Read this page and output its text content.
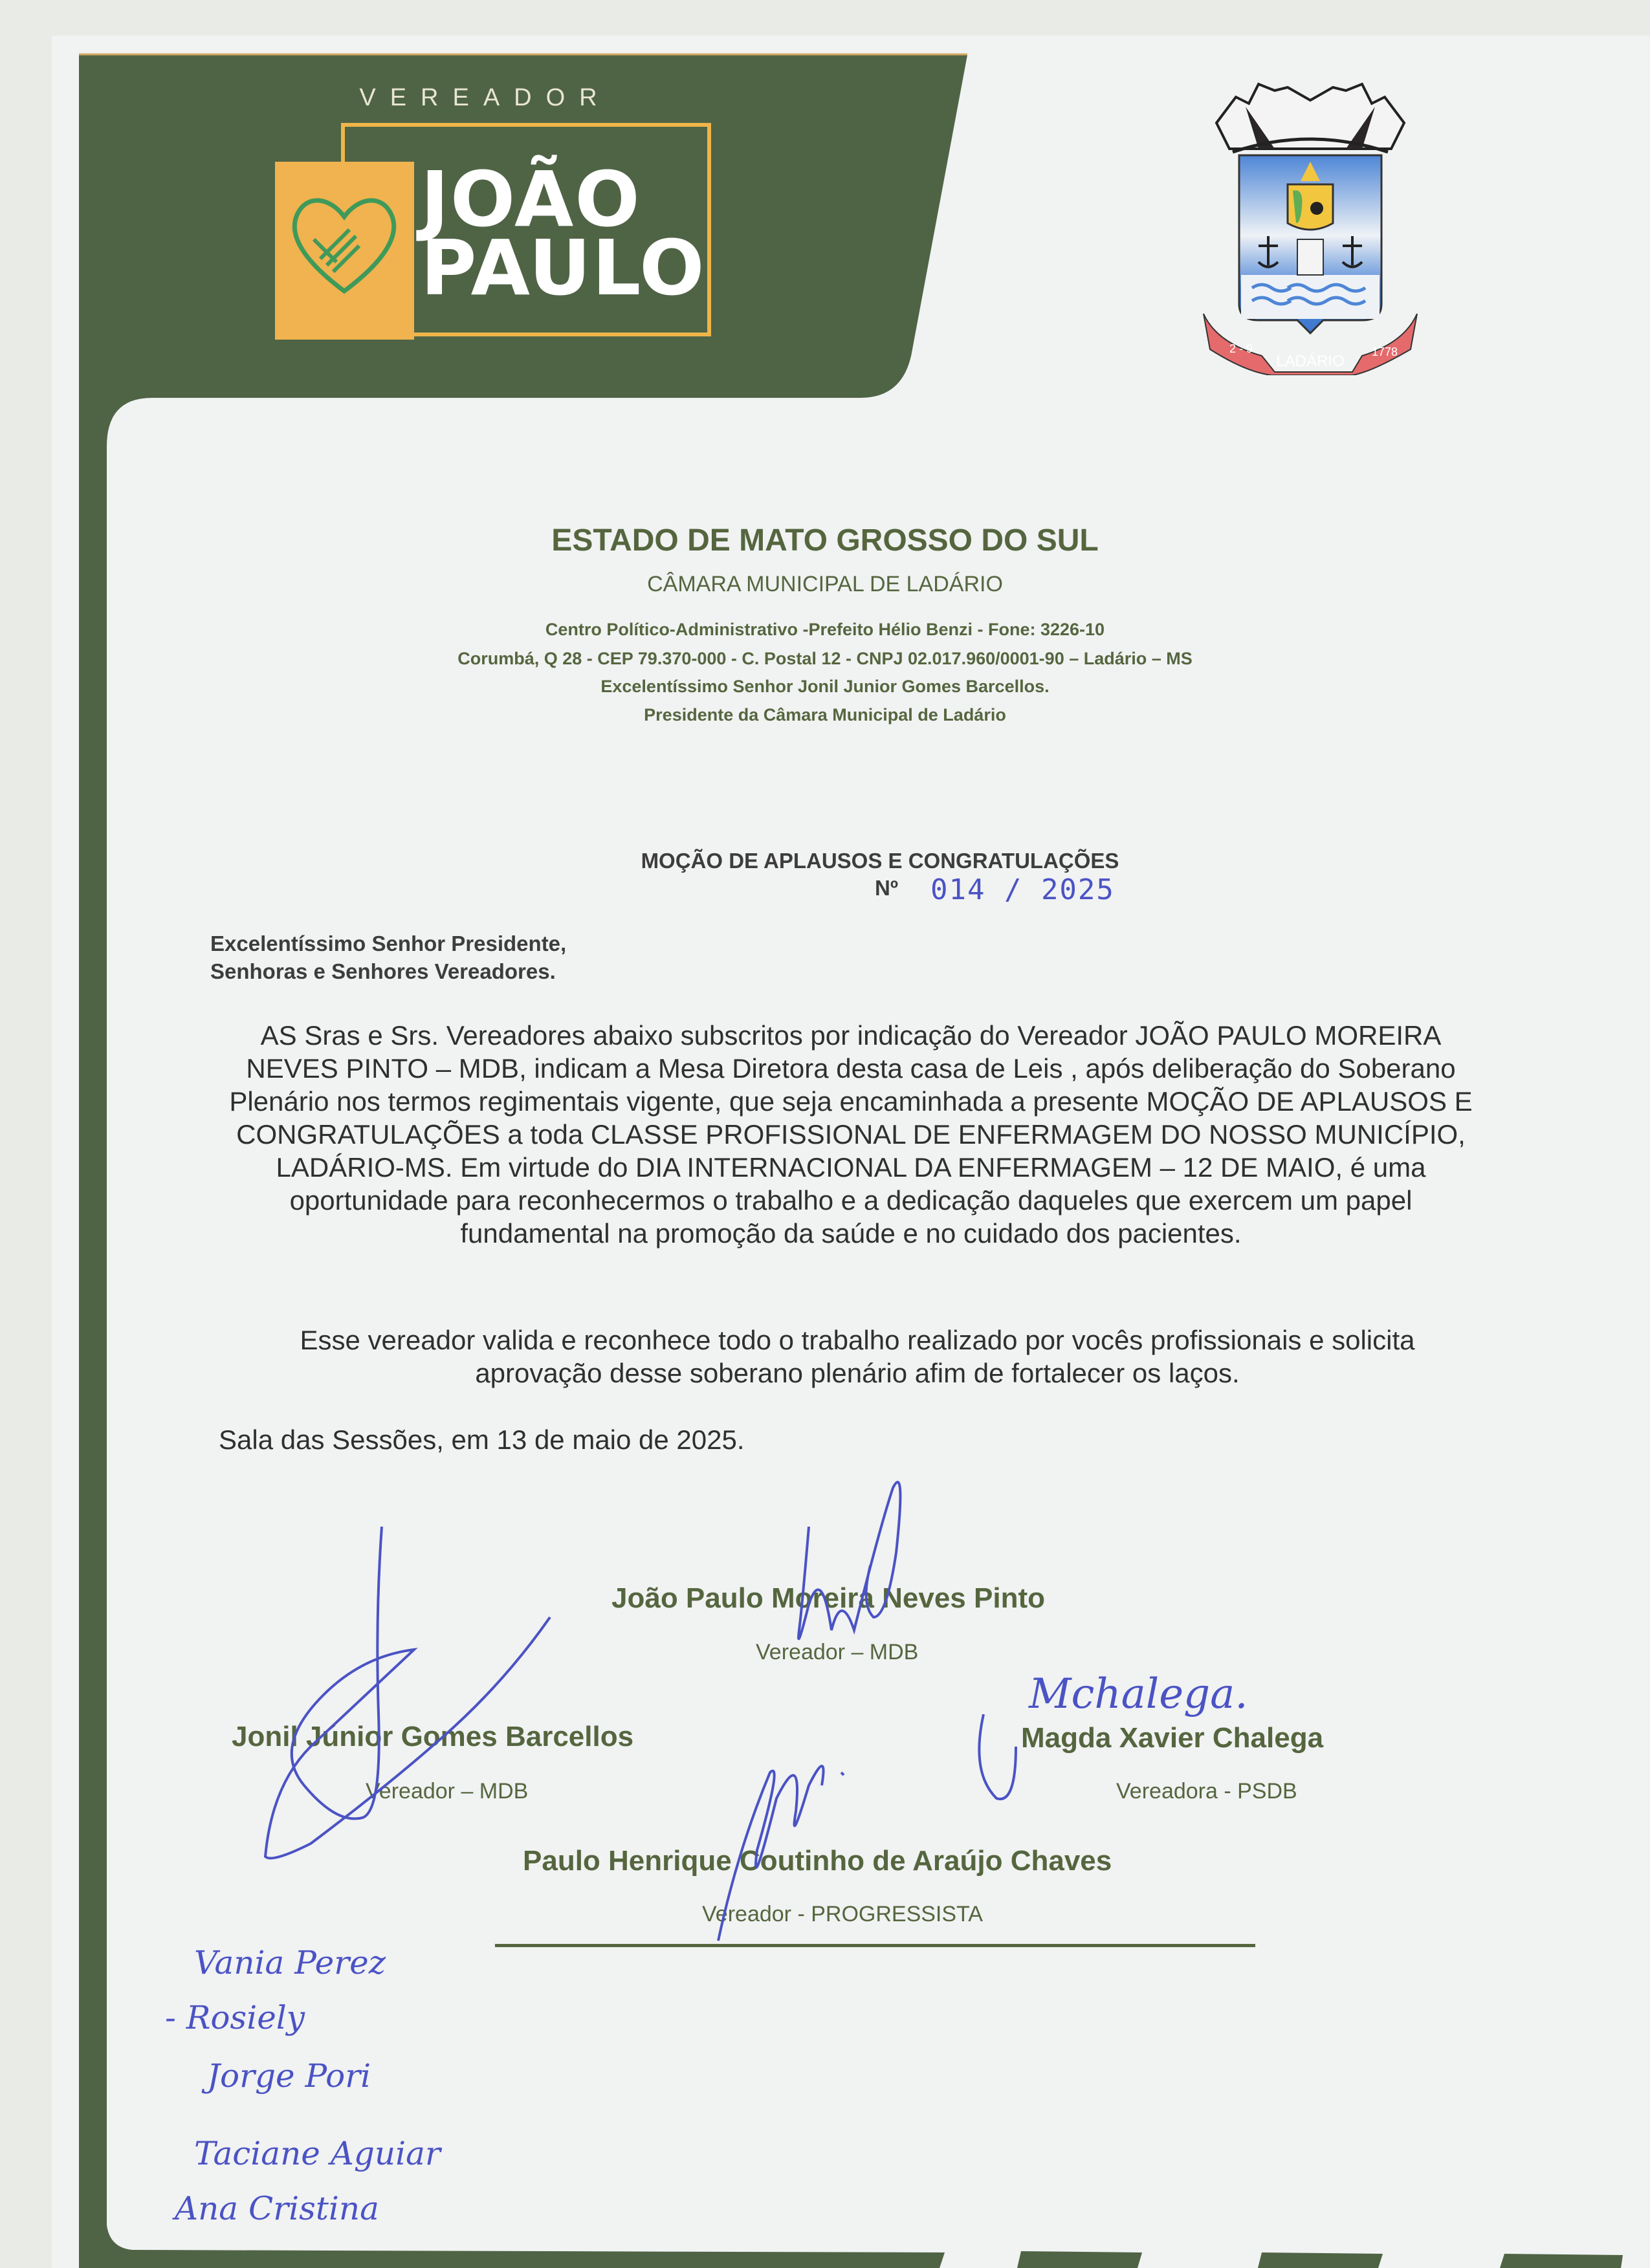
VEREADOR
JOÃO
PAULO
2 - 9
LADÁRIO
1778
ESTADO DE MATO GROSSO DO SUL
CÂMARA MUNICIPAL DE LADÁRIO
Centro Político-Administrativo -Prefeito Hélio Benzi - Fone: 3226-10
Corumbá, Q 28 - CEP 79.370-000 - C. Postal 12 - CNPJ 02.017.960/0001-90 – Ladário – MS
Excelentíssimo Senhor Jonil Junior Gomes Barcellos.
Presidente da Câmara Municipal de Ladário
MOÇÃO DE APLAUSOS E CONGRATULAÇÕES
Nº 014 / 2025
Excelentíssimo Senhor Presidente,
Senhoras e Senhores Vereadores.
AS Sras e Srs. Vereadores abaixo subscritos por indicação do Vereador JOÃO PAULO MOREIRA NEVES PINTO – MDB, indicam a Mesa Diretora desta casa de Leis , após deliberação do Soberano Plenário nos termos regimentais vigente, que seja encaminhada a presente MOÇÃO DE APLAUSOS E CONGRATULAÇÕES a toda CLASSE PROFISSIONAL DE ENFERMAGEM DO NOSSO MUNICÍPIO, LADÁRIO-MS. Em virtude do DIA INTERNACIONAL DA ENFERMAGEM – 12 DE MAIO, é uma oportunidade para reconhecermos o trabalho e a dedicação daqueles que exercem um papel fundamental na promoção da saúde e no cuidado dos pacientes.
Esse vereador valida e reconhece todo o trabalho realizado por vocês profissionais e solicita aprovação desse soberano plenário afim de fortalecer os laços.
Sala das Sessões, em 13 de maio de 2025.
João Paulo Moreira Neves Pinto
Vereador – MDB
Jonil Júnior Gomes Barcellos
Vereador – MDB
Magda Xavier Chalega
Vereadora - PSDB
Paulo Henrique Coutinho de Araújo Chaves
Vereador - PROGRESSISTA
Mchalega.
Vania Perez
- Rosiely
Jorge Pori
Taciane Aguiar
Ana Cristina
